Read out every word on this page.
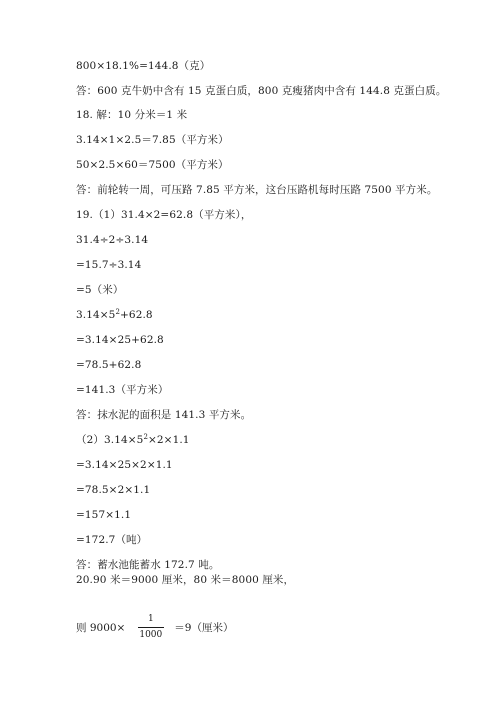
800×18.1%=144.8（克）
答：600 克牛奶中含有 15 克蛋白质，800 克瘦猪肉中含有 144.8 克蛋白质。
18. 解：10 分米＝1 米
3.14×1×2.5＝7.85（平方米）
50×2.5×60＝7500（平方米）
答：前轮转一周，可压路 7.85 平方米，这台压路机每时压路 7500 平方米。
19.（1）31.4×2=62.8（平方米），
31.4÷2÷3.14
=15.7÷3.14
=5（米）
$3.14\times 5^2+62.8$
=3.14×25+62.8
=78.5+62.8
=141.3（平方米）
答：抹水泥的面积是 141.3 平方米。
$(2)3.14\times 5^2\times 2\times 1.1$
=3.14×25×2×1.1
=78.5×2×1.1
=157×1.1
=172.7（吨）
答：蓄水池能蓄水 172.7 吨。
20.90 米＝9000 厘米，80 米＝8000 厘米，
则 $9000\times \frac{1}{1000} =9$（厘米）
